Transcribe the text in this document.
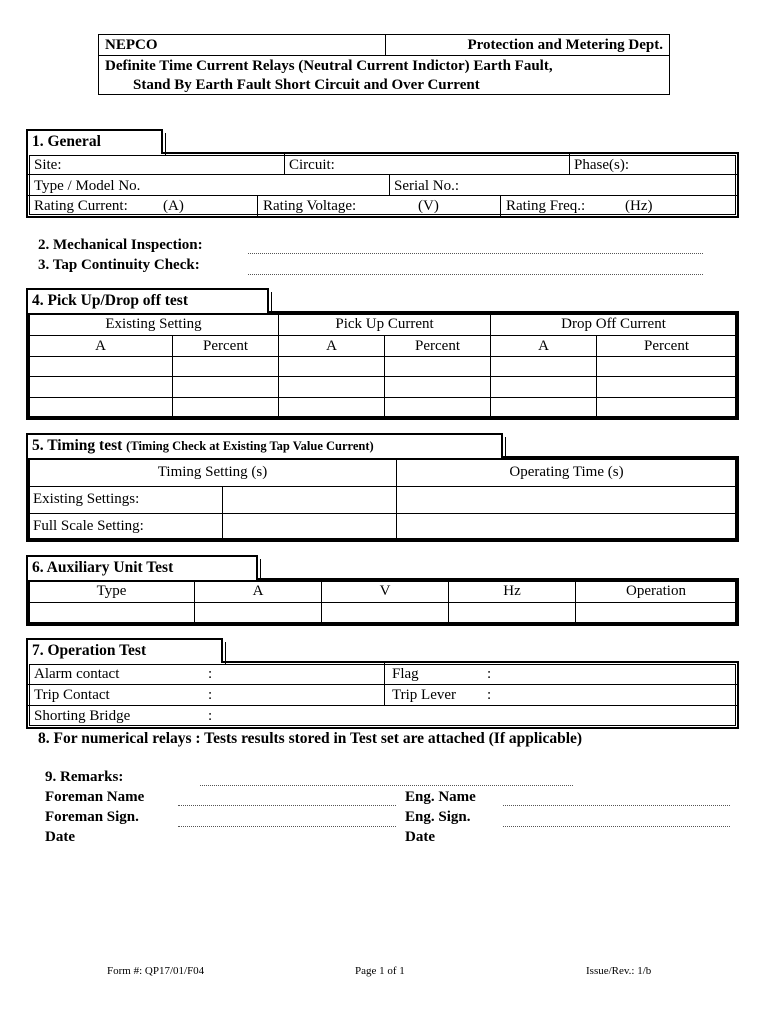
NEPCO	Protection and Metering Dept.
Definite Time Current Relays (Neutral Current Indictor) Earth Fault,
Stand By Earth Fault Short Circuit and Over Current
1. General
Site:	Circuit:	Phase(s):
Type / Model No.	Serial No.:
Rating Current: (A)	Rating Voltage:	(V)	Rating Freq.:	(Hz)
2. Mechanical Inspection:
3. Tap Continuity Check:
4. Pick Up/Drop off test
Existing Setting		Pick Up Current		Drop Off Current	
A	Percent	A	Percent	A	Percent

5. Timing test (Timing Check at Existing Tap Value Current)
Timing Setting (s)		Operating Time (s)
Existing Settings:		
Full Scale Setting:		
6. Auxiliary Unit Test
Type	A	V	Hz	Operation

7. Operation Test
Alarm contact	:	Flag	:
Trip Contact	:	Trip Lever :
Shorting Bridge	:
8. For numerical relays : Tests results stored in Test set are attached (If applicable)
9. Remarks:
Foreman Name	Eng. Name
Foreman Sign.	Eng. Sign.
Date	Date
Form #: QP17/01/F04	Page 1 of 1	Issue/Rev.: 1/b
